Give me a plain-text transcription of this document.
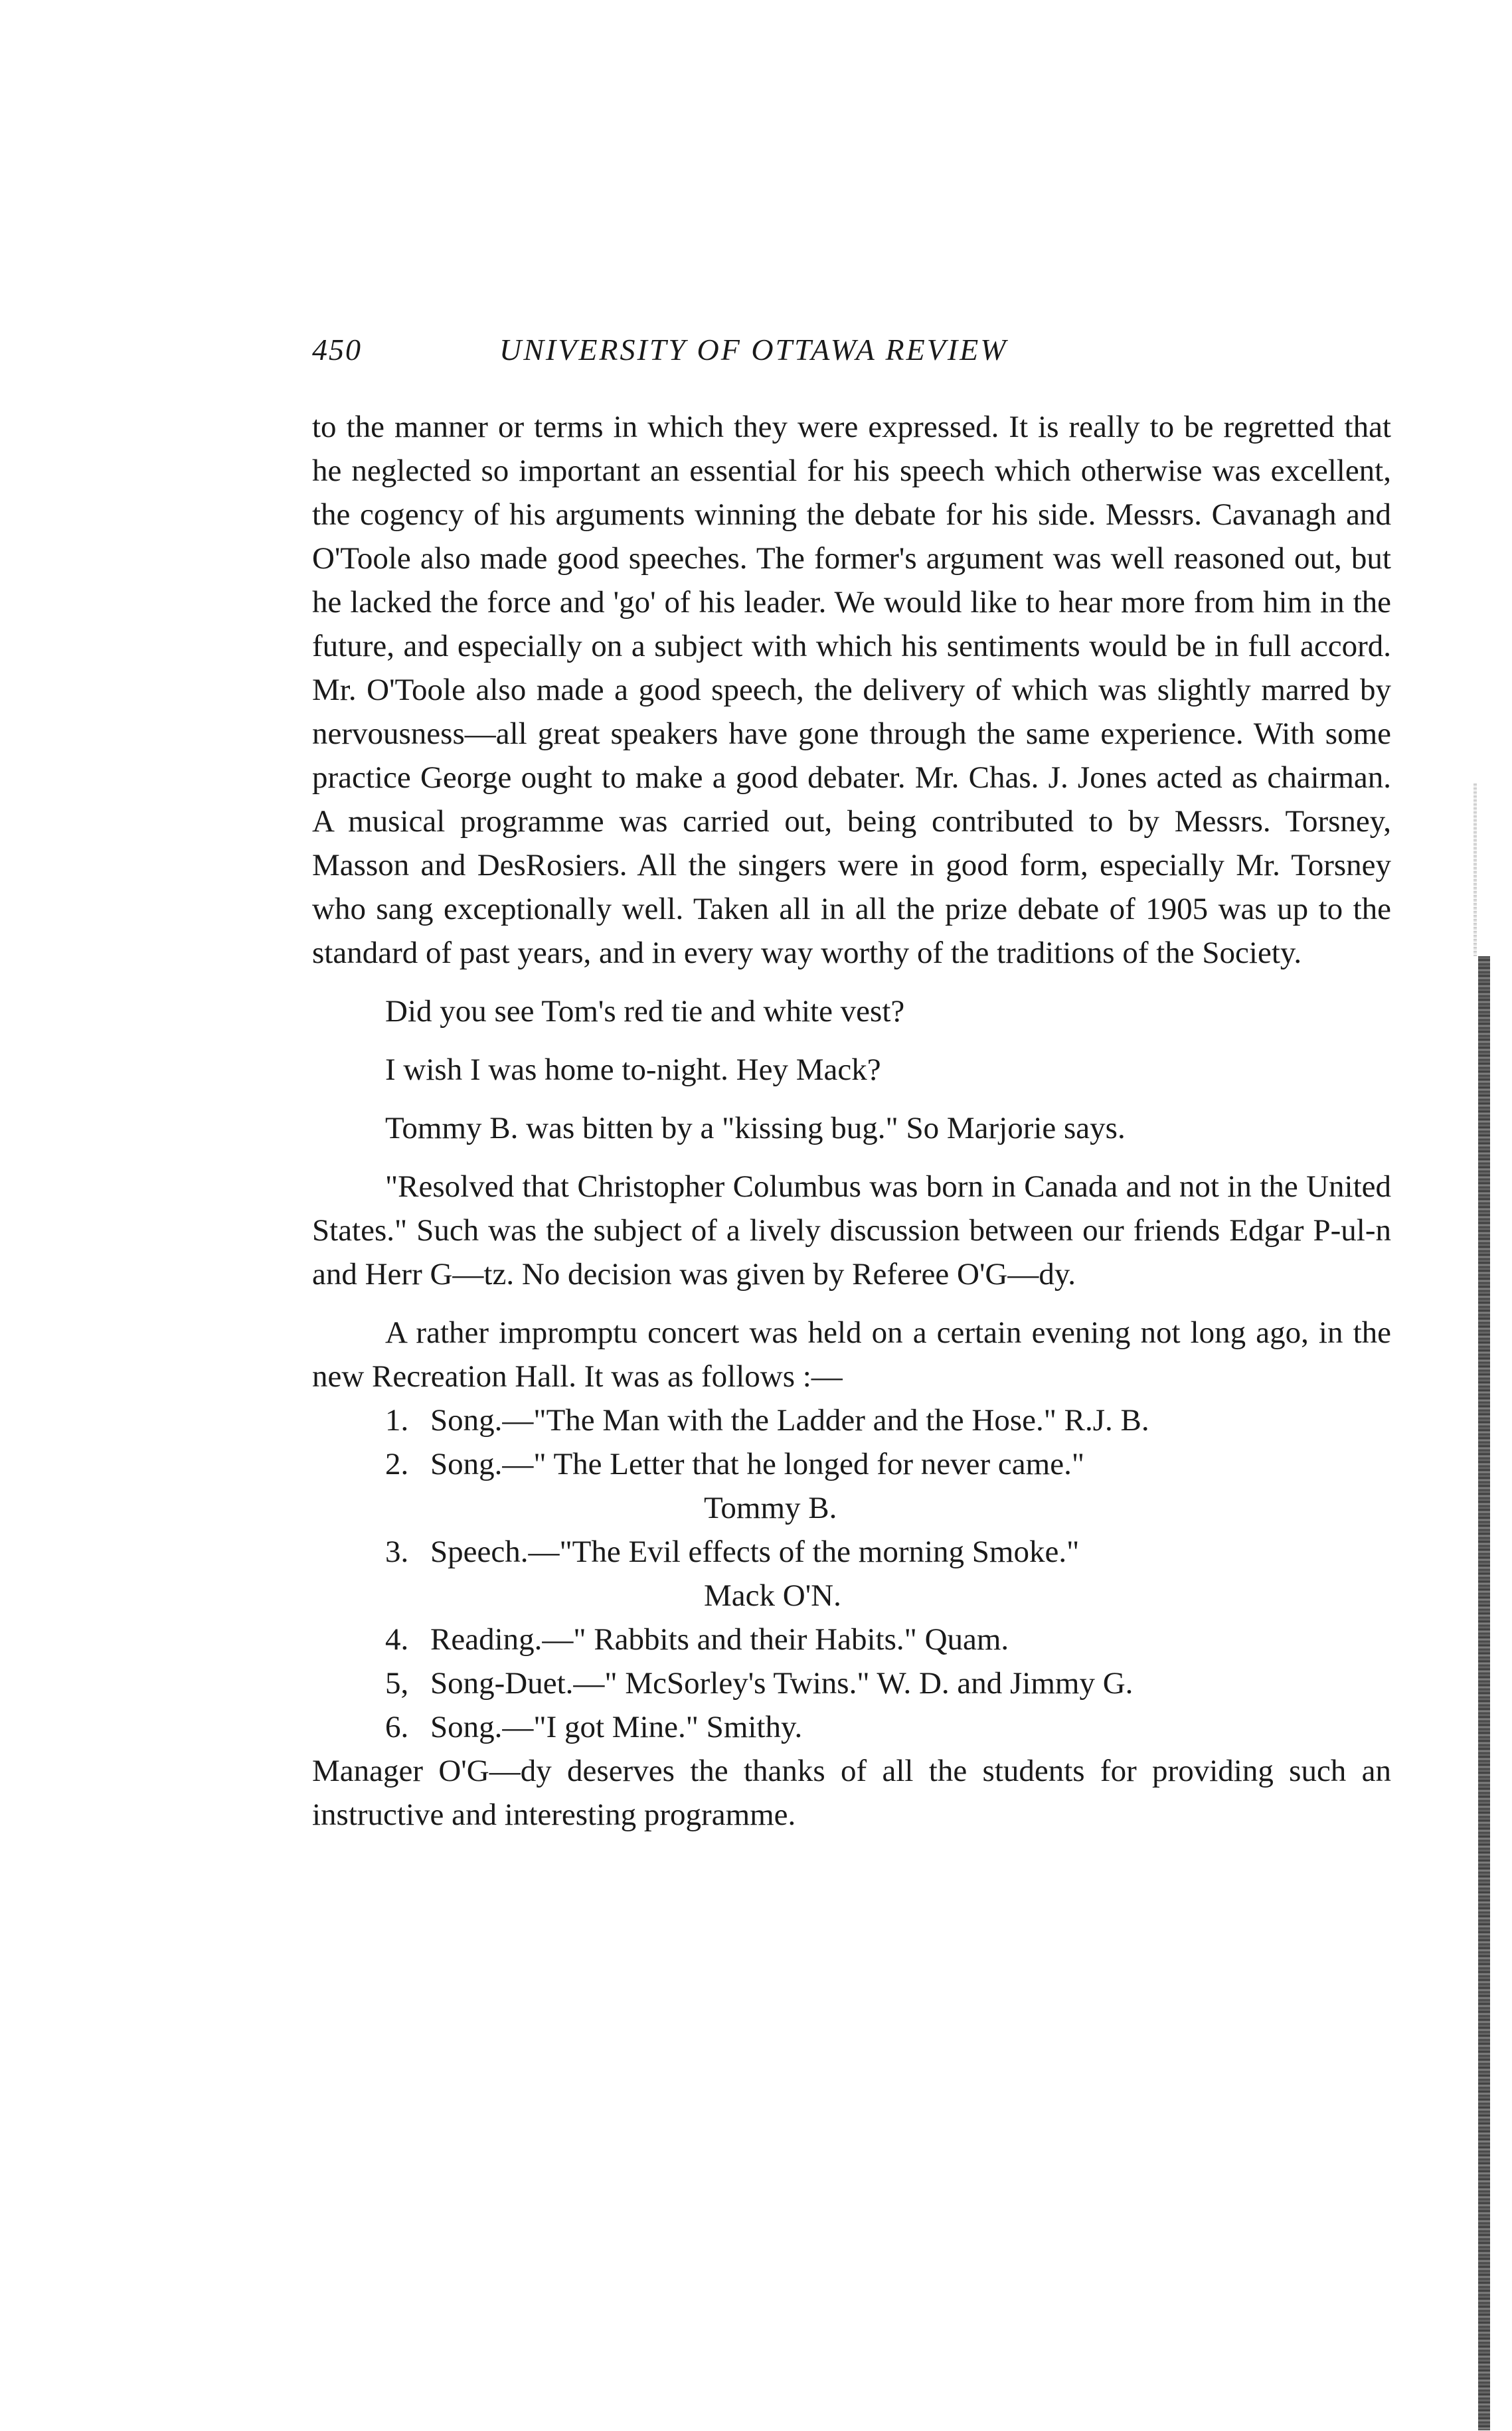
450	UNIVERSITY OF OTTAWA REVIEW

to the manner or terms in which they were expressed. It is really to be regretted that he neglected so important an essential for his speech which otherwise was excellent, the cogency of his arguments winning the debate for his side. Messrs. Cavanagh and O'Toole also made good speeches. The former's argument was well reasoned out, but he lacked the force and 'go' of his leader. We would like to hear more from him in the future, and especially on a subject with which his sentiments would be in full accord. Mr. O'Toole also made a good speech, the delivery of which was slightly marred by nervousness—all great speakers have gone through the same experience. With some practice George ought to make a good debater. Mr. Chas. J. Jones acted as chairman. A musical programme was carried out, being contributed to by Messrs. Torsney, Masson and DesRosiers. All the singers were in good form, especially Mr. Torsney who sang exceptionally well. Taken all in all the prize debate of 1905 was up to the standard of past years, and in every way worthy of the traditions of the Society.

Did you see Tom's red tie and white vest?

I wish I was home to-night. Hey Mack?

Tommy B. was bitten by a "kissing bug." So Marjorie says.

"Resolved that Christopher Columbus was born in Canada and not in the United States." Such was the subject of a lively discussion between our friends Edgar P-ul-n and Herr G—tz. No decision was given by Referee O'G—dy.

A rather impromptu concert was held on a certain evening not long ago, in the new Recreation Hall. It was as follows :—

1. Song.—"The Man with the Ladder and the Hose." R.J. B.
2. Song.—" The Letter that he longed for never came."
Tommy B.
3. Speech.—"The Evil effects of the morning Smoke."
Mack O'N.
4. Reading.—" Rabbits and their Habits." Quam.
5, Song-Duet.—" McSorley's Twins." W. D. and Jimmy G.
6. Song.—"I got Mine." Smithy.

Manager O'G—dy deserves the thanks of all the students for providing such an instructive and interesting programme.
